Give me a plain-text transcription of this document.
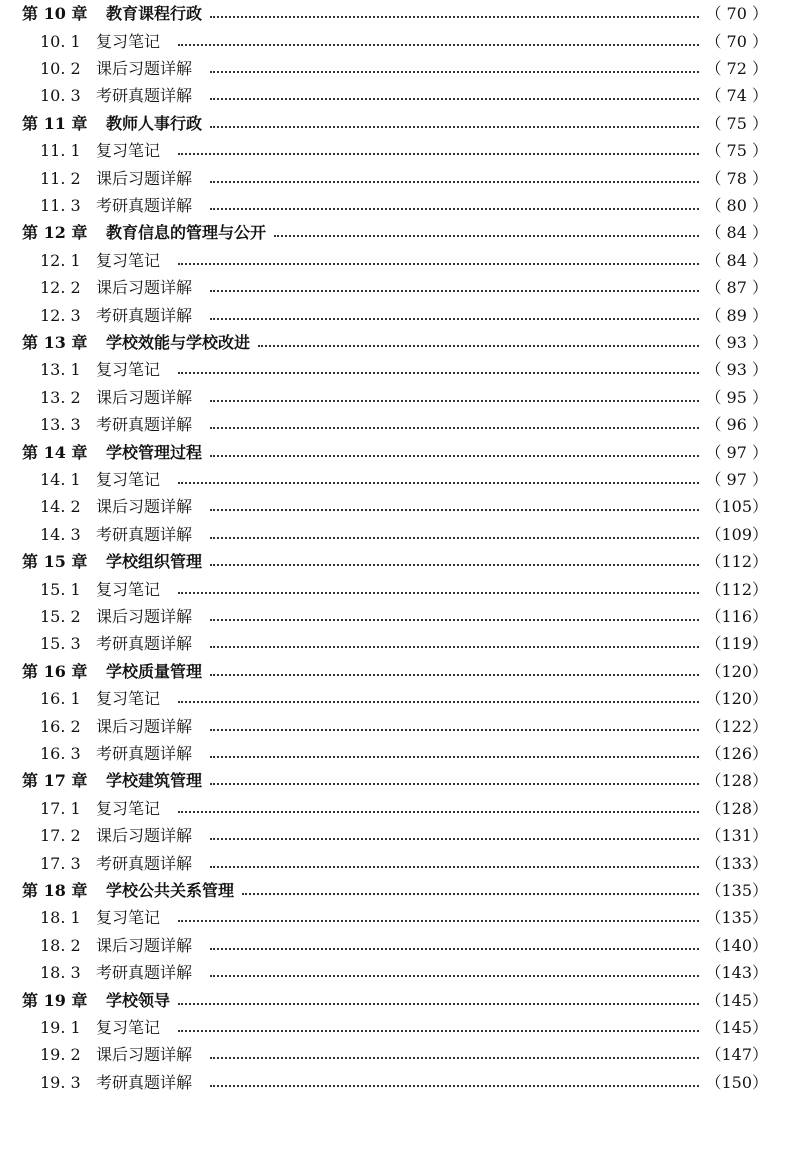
第 10 章	教育课程行政	（ 70 ）
10. 1 复习笔记	（ 70 ）
10. 2 课后习题详解	（ 72 ）
10. 3 考研真题详解	（ 74 ）
第 11 章	教师人事行政	（ 75 ）
11. 1 复习笔记	（ 75 ）
11. 2 课后习题详解	（ 78 ）
11. 3 考研真题详解	（ 80 ）
第 12 章	教育信息的管理与公开	（ 84 ）
12. 1 复习笔记	（ 84 ）
12. 2 课后习题详解	（ 87 ）
12. 3 考研真题详解	（ 89 ）
第 13 章	学校效能与学校改进	（ 93 ）
13. 1 复习笔记	（ 93 ）
13. 2 课后习题详解	（ 95 ）
13. 3 考研真题详解	（ 96 ）
第 14 章	学校管理过程	（ 97 ）
14. 1 复习笔记	（ 97 ）
14. 2 课后习题详解	（105）
14. 3 考研真题详解	（109）
第 15 章	学校组织管理	（112）
15. 1 复习笔记	（112）
15. 2 课后习题详解	（116）
15. 3 考研真题详解	（119）
第 16 章	学校质量管理	（120）
16. 1 复习笔记	（120）
16. 2 课后习题详解	（122）
16. 3 考研真题详解	（126）
第 17 章	学校建筑管理	（128）
17. 1 复习笔记	（128）
17. 2 课后习题详解	（131）
17. 3 考研真题详解	（133）
第 18 章	学校公共关系管理	（135）
18. 1 复习笔记	（135）
18. 2 课后习题详解	（140）
18. 3 考研真题详解	（143）
第 19 章	学校领导	（145）
19. 1 复习笔记	（145）
19. 2 课后习题详解	（147）
19. 3 考研真题详解	（150）
